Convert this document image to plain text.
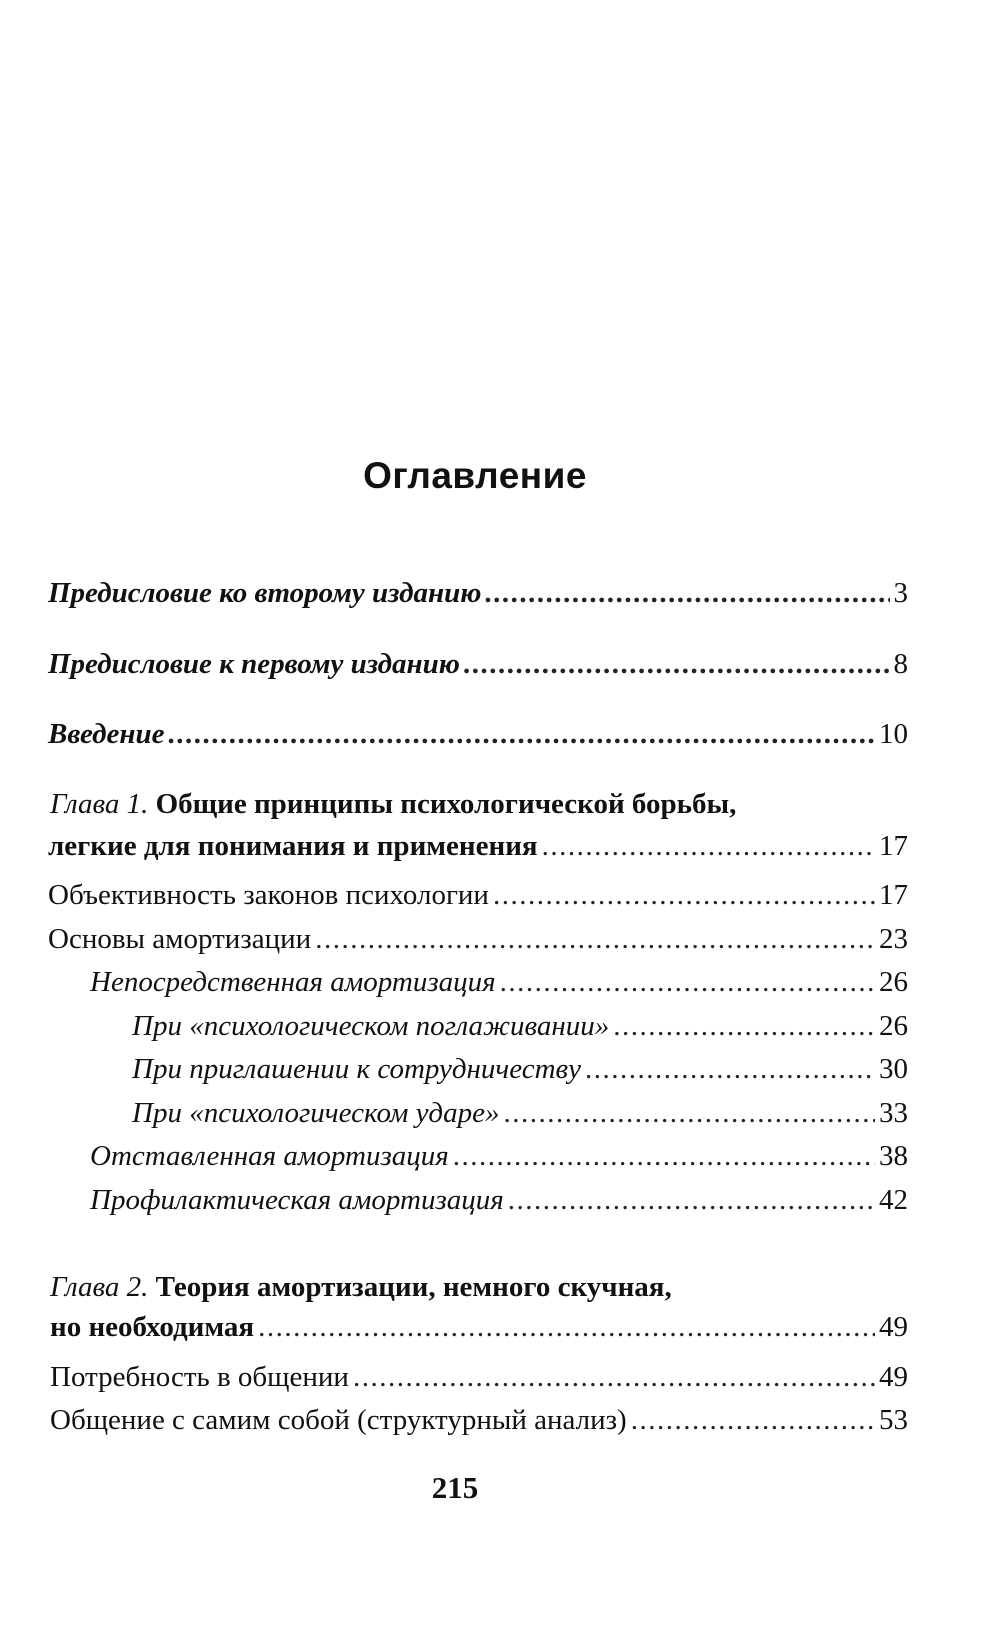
Оглавление
Предисловие ко второму изданию .....	3
Предисловие к первому изданию .....	8
Введение .....	10
Глава 1. Общие принципы психологической борьбы,
легкие для понимания и применения .....	17
Объективность законов психологии .....	17
Основы амортизации .....	23
Непосредственная амортизация .....	26
При «психологическом поглаживании» .....	26
При приглашении к сотрудничеству .....	30
При «психологическом ударе» .....	33
Отставленная амортизация .....	38
Профилактическая амортизация .....	42
Глава 2. Теория амортизации, немного скучная,
но необходимая .....	49
Потребность в общении .....	49
Общение с самим собой (структурный анализ) .....	53
215
